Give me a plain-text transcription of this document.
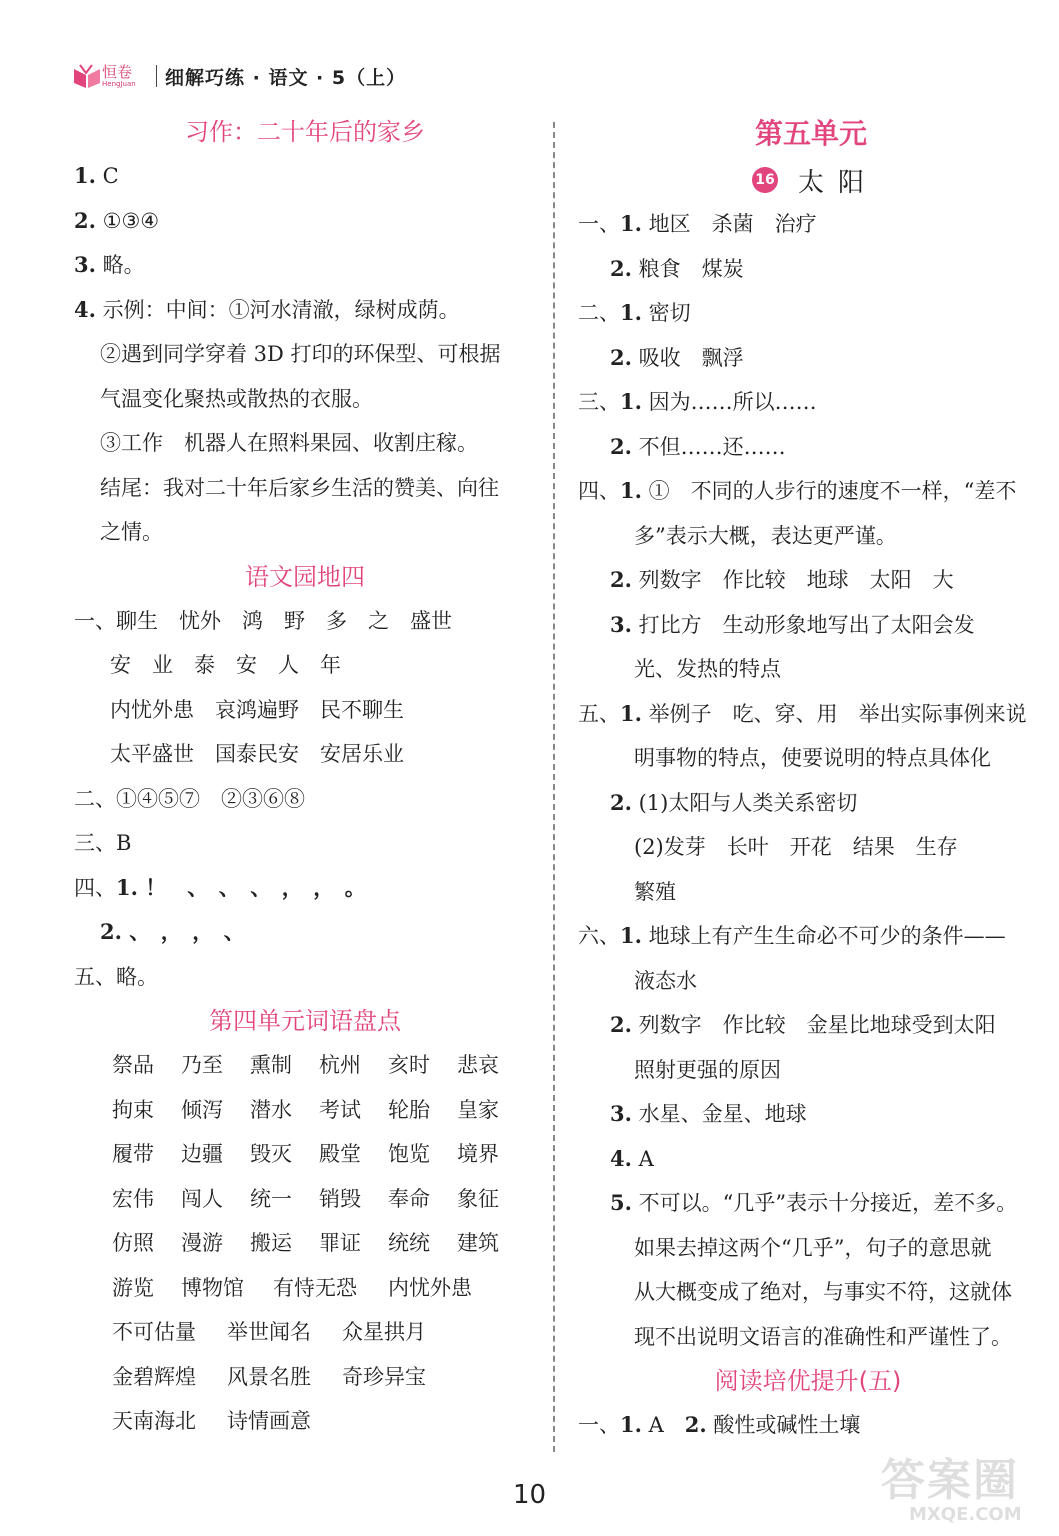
恒卷
HengJuan 细解巧练 · 语文 · 5（上）
习作：二十年后的家乡
1. C
2. ①③④
3. 略。
4. 示例：中间：①河水清澈，绿树成荫。
②遇到同学穿着 3D 打印的环保型、可根据
气温变化聚热或散热的衣服。
③工作　机器人在照料果园、收割庄稼。
结尾：我对二十年后家乡生活的赞美、向往
之情。
语文园地四
一、聊生　忧外　鸿　野　多　之　盛世
安　业　泰　安　人　年
内忧外患　哀鸿遍野　民不聊生
太平盛世　国泰民安　安居乐业
二、①④⑤⑦　②③⑥⑧
三、B
四、1. ！　、　、　、　，　，　。
2. 、　，　，　、
五、略。
第四单元词语盘点
祭品 乃至 熏制 杭州 亥时 悲哀
拘束 倾泻 潜水 考试 轮胎 皇家
履带 边疆 毁灭 殿堂 饱览 境界
宏伟 闯人 统一 销毁 奉命 象征
仿照 漫游 搬运 罪证 统统 建筑
游览 博物馆 有恃无恐 内忧外患
不可估量 举世闻名 众星拱月
金碧辉煌 风景名胜 奇珍异宝
天南海北 诗情画意
第五单元
16 太阳
一、1. 地区　杀菌　治疗
2. 粮食　煤炭
二、1. 密切
2. 吸收　飘浮
三、1. 因为……所以……
2. 不但……还……
四、1. ①　不同的人步行的速度不一样，“差不
多”表示大概，表达更严谨。
2. 列数字　作比较　地球　太阳　大
3. 打比方　生动形象地写出了太阳会发
光、发热的特点
五、1. 举例子　吃、穿、用　举出实际事例来说
明事物的特点，使要说明的特点具体化
2. (1)太阳与人类关系密切
(2)发芽　长叶　开花　结果　生存
繁殖
六、1. 地球上有产生生命必不可少的条件——
液态水
2. 列数字　作比较　金星比地球受到太阳
照射更强的原因
3. 水星、金星、地球
4. A
5. 不可以。“几乎”表示十分接近，差不多。
如果去掉这两个“几乎”，句子的意思就
从大概变成了绝对，与事实不符，这就体
现不出说明文语言的准确性和严谨性了。
阅读培优提升(五)
一、1. A　2. 酸性或碱性土壤
10	答案圈
MXQE.COM
